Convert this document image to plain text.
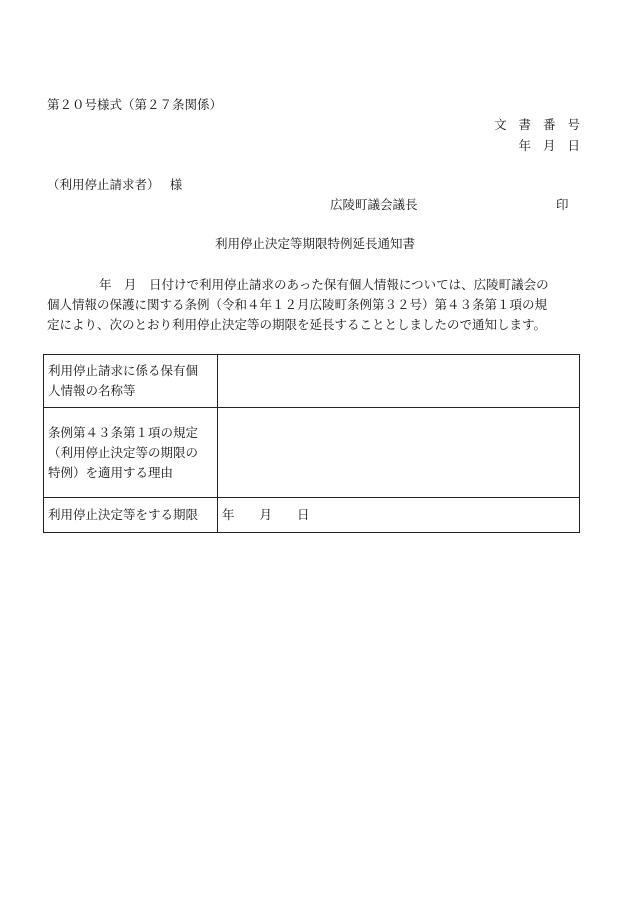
第２０号様式（第２７条関係）
文 書 番 号
年 月 日
（利用停止請求者）　 様
広陵町議会議長	印
利用停止決定等期限特例延長通知書

年　月　日付けで利用停止請求のあった保有個人情報については、広陵町議会の

個人情報の保護に関する条例（令和４年１２月広陵町条例第３２号）第４３条第１項の規

定により、次のとおり利用停止決定等の期限を延長することとしましたので通知します。

利用停止請求に係る保有個
人情報の名称等	

条例第４３条第１項の規定
（利用停止決定等の期限の
特例）を適用する理由	

利用停止決定等をする期限	年　　月　　日
